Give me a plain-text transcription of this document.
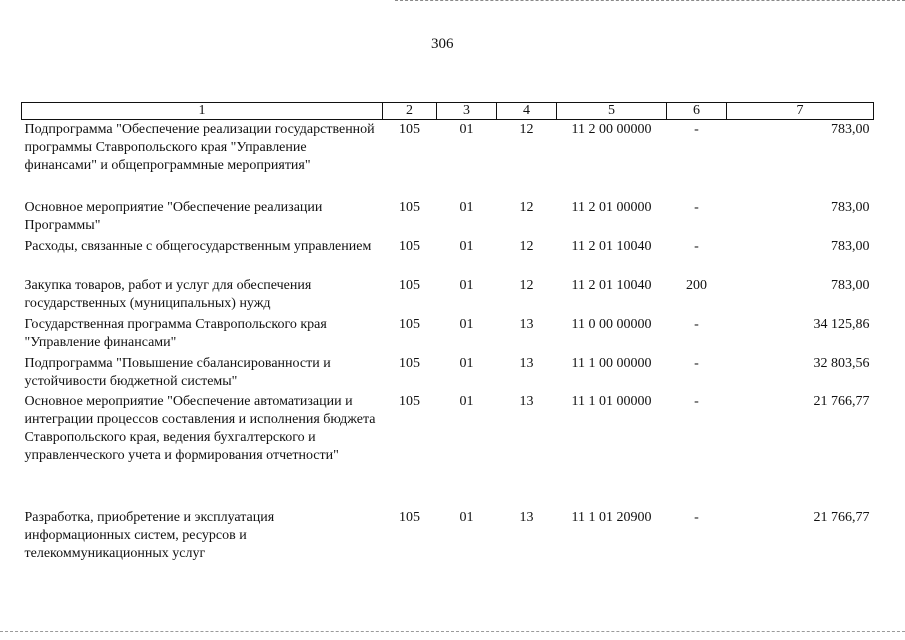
306
1	2	3	4	5	6	7
Подпрограмма "Обеспечение реализации государственной программы Ставропольского края "Управление финансами" и общепрограммные мероприятия"	105	01	12	11 2 00 00000	-	783,00
Основное мероприятие "Обеспечение реализации Программы"	105	01	12	11 2 01 00000	-	783,00
Расходы, связанные с общегосударственным управлением	105	01	12	11 2 01 10040	-	783,00
Закупка товаров, работ и услуг для обеспечения государственных (муниципальных) нужд	105	01	12	11 2 01 10040	200	783,00
Государственная программа Ставропольского края "Управление финансами"	105	01	13	11 0 00 00000	-	34 125,86
Подпрограмма "Повышение сбалансированности и устойчивости бюджетной системы"	105	01	13	11 1 00 00000	-	32 803,56
Основное мероприятие "Обеспечение автоматизации и интеграции процессов составления и исполнения бюджета Ставропольского края, ведения бухгалтерского и управленческого учета и формирования отчетности"	105	01	13	11 1 01 00000	-	21 766,77
Разработка, приобретение и эксплуатация информационных систем, ресурсов и телекоммуникационных услуг	105	01	13	11 1 01 20900	-	21 766,77
